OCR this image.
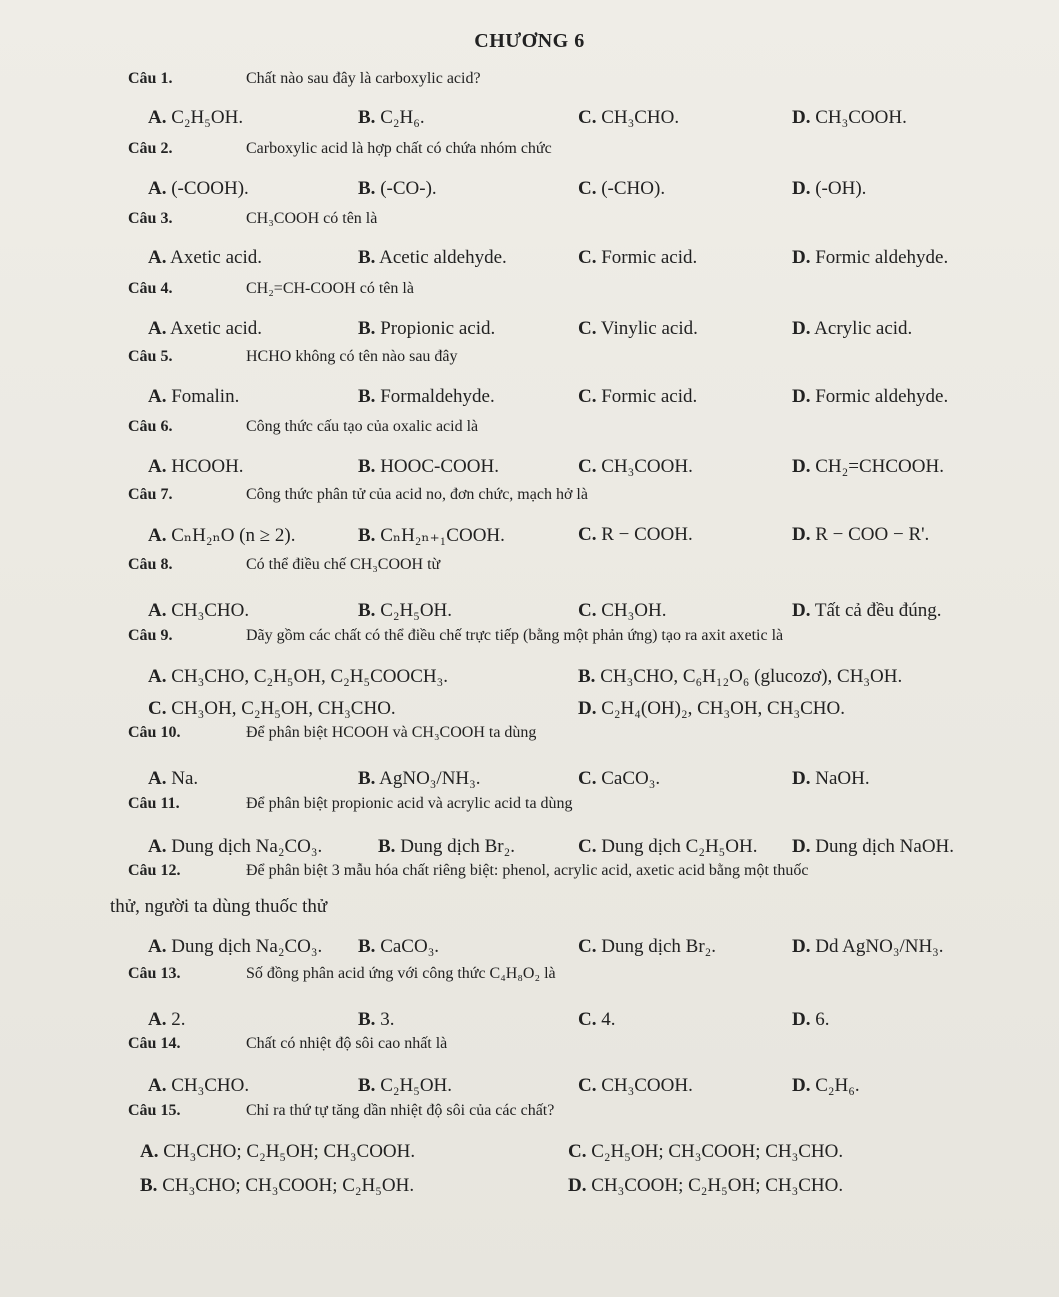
CHƯƠNG 6
Câu 1.	Chất nào sau đây là carboxylic acid?
A. C₂H₅OH.	B. C₂H₆.	C. CH₃CHO.	D. CH₃COOH.
Câu 2.	Carboxylic acid là hợp chất có chứa nhóm chức
A. (-COOH).	B. (-CO-).	C. (-CHO).	D. (-OH).
Câu 3.	CH₃COOH có tên là
A. Axetic acid.	B. Acetic aldehyde.	C. Formic acid.	D. Formic aldehyde.
Câu 4.	CH₂=CH-COOH có tên là
A. Axetic acid.	B. Propionic acid.	C. Vinylic acid.	D. Acrylic acid.
Câu 5.	HCHO không có tên nào sau đây
A. Fomalin.	B. Formaldehyde.	C. Formic acid.	D. Formic aldehyde.
Câu 6.	Công thức cấu tạo của oxalic acid là
A. HCOOH.	B. HOOC-COOH.	C. CH₃COOH.	D. CH₂=CHCOOH.
Câu 7.	Công thức phân tử của acid no, đơn chức, mạch hở là
A. CₙH₂ₙO (n ≥ 2).	B. CₙH₂ₙ₊₁COOH.	C. R − COOH.	D. R − COO − R'.
Câu 8.	Có thể điều chế CH₃COOH từ
A. CH₃CHO.	B. C₂H₅OH.	C. CH₃OH.	D. Tất cả đều đúng.
Câu 9.	Dãy gồm các chất có thể điều chế trực tiếp (bằng một phản ứng) tạo ra axit axetic là
A. CH₃CHO, C₂H₅OH, C₂H₅COOCH₃.	B. CH₃CHO, C₆H₁₂O₆ (glucozơ), CH₃OH.
C. CH₃OH, C₂H₅OH, CH₃CHO.	D. C₂H₄(OH)₂, CH₃OH, CH₃CHO.
Câu 10.	Để phân biệt HCOOH và CH₃COOH ta dùng
A. Na.	B. AgNO₃/NH₃.	C. CaCO₃.	D. NaOH.
Câu 11.	Để phân biệt propionic acid và acrylic acid ta dùng
A. Dung dịch Na₂CO₃.	B. Dung dịch Br₂.	C. Dung dịch C₂H₅OH. D. Dung dịch NaOH.
Câu 12.	Để phân biệt 3 mẫu hóa chất riêng biệt: phenol, acrylic acid, axetic acid bằng một thuốc
thử, người ta dùng thuốc thử
A. Dung dịch Na₂CO₃. B. CaCO₃.	C. Dung dịch Br₂.	D. Dd AgNO₃/NH₃.
Câu 13.	Số đồng phân acid ứng với công thức C₄H₈O₂ là
A. 2.	B. 3.	C. 4.	D. 6.
Câu 14.	Chất có nhiệt độ sôi cao nhất là
A. CH₃CHO.	B. C₂H₅OH.	C. CH₃COOH.	D. C₂H₆.
Câu 15.	Chỉ ra thứ tự tăng dần nhiệt độ sôi của các chất?
A. CH₃CHO; C₂H₅OH; CH₃COOH.	C. C₂H₅OH; CH₃COOH; CH₃CHO.
B. CH₃CHO; CH₃COOH; C₂H₅OH.	D. CH₃COOH; C₂H₅OH; CH₃CHO.
